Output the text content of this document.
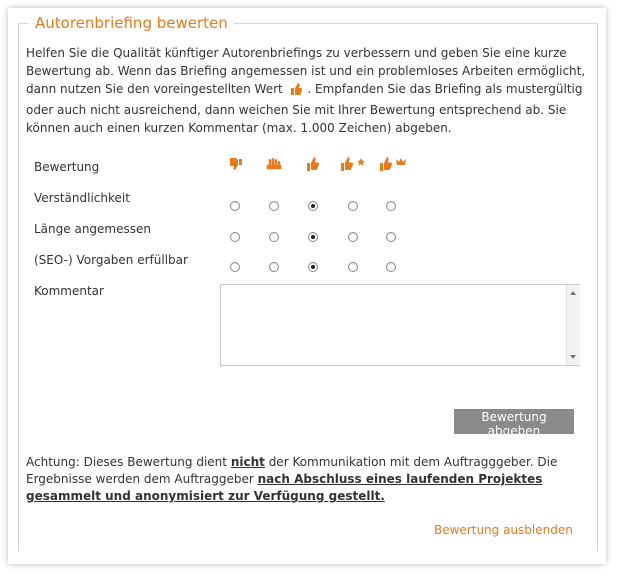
Autorenbriefing bewerten
Helfen Sie die Qualität künftiger Autorenbriefings zu verbessern und geben Sie eine kurze Bewertung ab. Wenn das Briefing angemessen ist und ein problemloses Arbeiten ermöglicht, dann nutzen Sie den voreingestellten Wert . Empfanden Sie das Briefing als mustergültig oder auch nicht ausreichend, dann weichen Sie mit Ihrer Bewertung entsprechend ab. Sie können auch einen kurzen Kommentar (max. 1.000 Zeichen) abgeben.
Bewertung
Verständlichkeit
Länge angemessen
(SEO-) Vorgaben erfüllbar
Kommentar
Bewertung abgeben
Achtung: Dieses Bewertung dient nicht der Kommunikation mit dem Auftragggeber. Die Ergebnisse werden dem Auftraggeber nach Abschluss eines laufenden Projektes gesammelt und anonymisiert zur Verfügung gestellt.
Bewertung ausblenden
